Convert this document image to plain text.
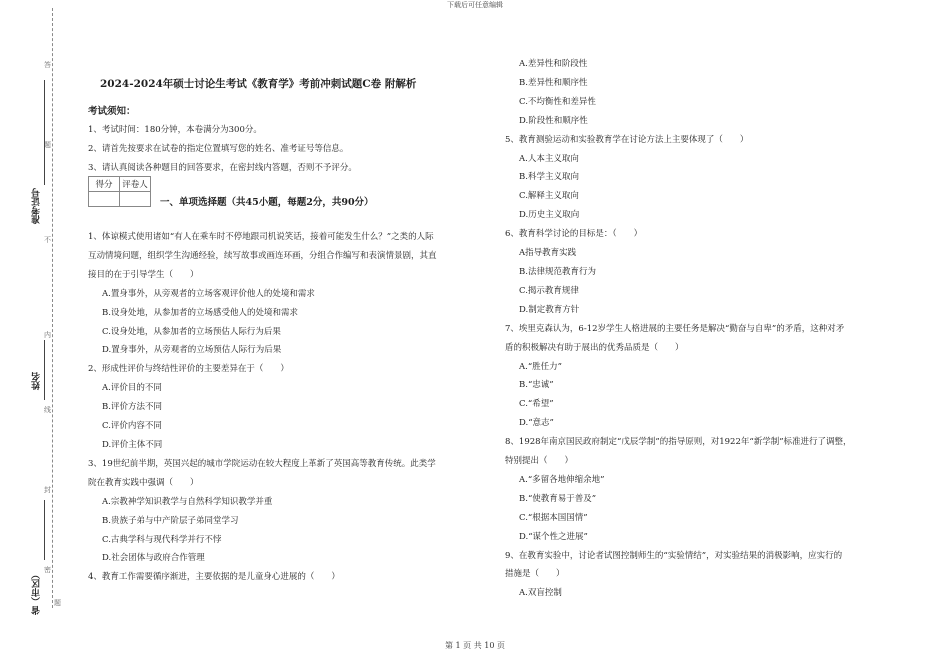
下载后可任意编辑
答
题
不
内
线
封
密
题
准考证号
姓名
省（市区）
2024-2024年硕士讨论生考试《教育学》考前冲刺试题C卷 附解析
考试须知：
1、考试时间：180分钟，本卷满分为300分。
2、请首先按要求在试卷的指定位置填写您的姓名、准考证号等信息。
3、请认真阅读各种题目的回答要求，在密封线内答题，否则不予评分。
得分	评卷人

一、单项选择题（共45小题，每题2分，共90分）
1、体谅模式使用诸如“有人在乘车时不停地跟司机说笑话，接着可能发生什么？”之类的人际
互动情境问题，组织学生沟通经验，续写故事或画连环画，分组合作编写和表演情景剧，其直
接目的在于引导学生（　　）
A.置身事外，从旁观者的立场客观评价他人的处境和需求
B.设身处地，从参加者的立场感受他人的处境和需求
C.设身处地，从参加者的立场预估人际行为后果
D.置身事外，从旁观者的立场预估人际行为后果
2、形成性评价与终结性评价的主要差异在于（　　）
A.评价目的不同
B.评价方法不同
C.评价内容不同
D.评价主体不同
3、19世纪前半期，英国兴起的城市学院运动在较大程度上革新了英国高等教育传统。此类学
院在教育实践中强调（　　）
A.宗教神学知识教学与自然科学知识教学并重
B.贵族子弟与中产阶层子弟同堂学习
C.古典学科与现代科学并行不悖
D.社会团体与政府合作管理
4、教育工作需要循序渐进，主要依据的是儿童身心进展的（　　）
A.差异性和阶段性
B.差异性和顺序性
C.不均衡性和差异性
D.阶段性和顺序性
5、教育测验运动和实验教育学在讨论方法上主要体现了（　　）
A.人本主义取向
B.科学主义取向
C.解释主义取向
D.历史主义取向
6、教育科学讨论的目标是：（　　）
A指导教育实践
B.法律规范教育行为
C.揭示教育规律
D.制定教育方针
7、埃里克森认为，6-12岁学生人格进展的主要任务是解决“勤奋与自卑”的矛盾，这种对矛
盾的积极解决有助于展出的优秀品质是（　　）
A.“胜任力”
B.“忠诚”
C.“希望”
D.“意志”
8、1928年南京国民政府制定“戊辰学制”的指导原则，对1922年“新学制”标准进行了调整，
特别提出（　　）
A.“多留各地伸缩余地”
B.“使教育易于普及”
C.“根据本国国情”
D.“谋个性之进展”
9、在教育实验中，讨论者试图控制师生的“实验情结”，对实验结果的消极影响，应实行的
措施是（　　）
A.双盲控制
第 1 页 共 10 页
